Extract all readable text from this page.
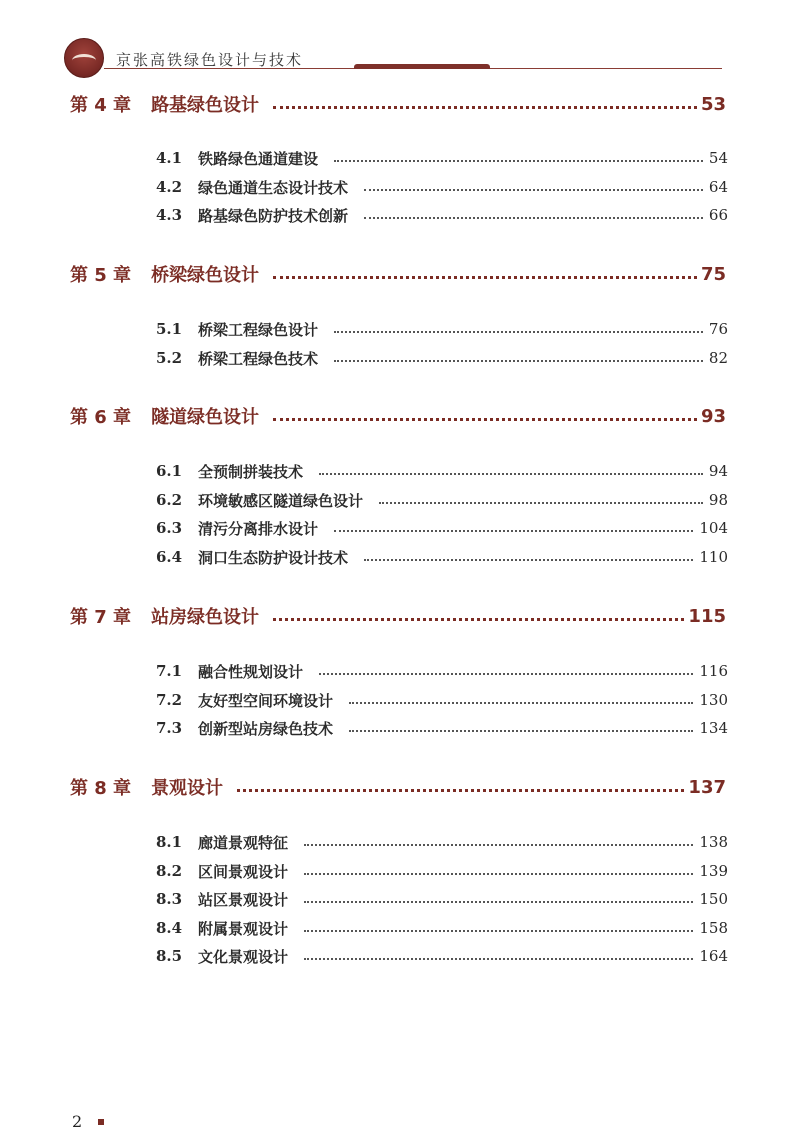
京张高铁绿色设计与技术
第 4 章 路基绿色设计	53
4.1	铁路绿色通道建设	54
4.2	绿色通道生态设计技术	64
4.3	路基绿色防护技术创新	66
第 5 章 桥梁绿色设计	75
5.1	桥梁工程绿色设计	76
5.2	桥梁工程绿色技术	82
第 6 章 隧道绿色设计	93
6.1	全预制拼装技术	94
6.2	环境敏感区隧道绿色设计	98
6.3	清污分离排水设计	104
6.4	洞口生态防护设计技术	110
第 7 章 站房绿色设计	115
7.1	融合性规划设计	116
7.2	友好型空间环境设计	130
7.3	创新型站房绿色技术	134
第 8 章 景观设计	137
8.1	廊道景观特征	138
8.2	区间景观设计	139
8.3	站区景观设计	150
8.4	附属景观设计	158
8.5	文化景观设计	164
2
